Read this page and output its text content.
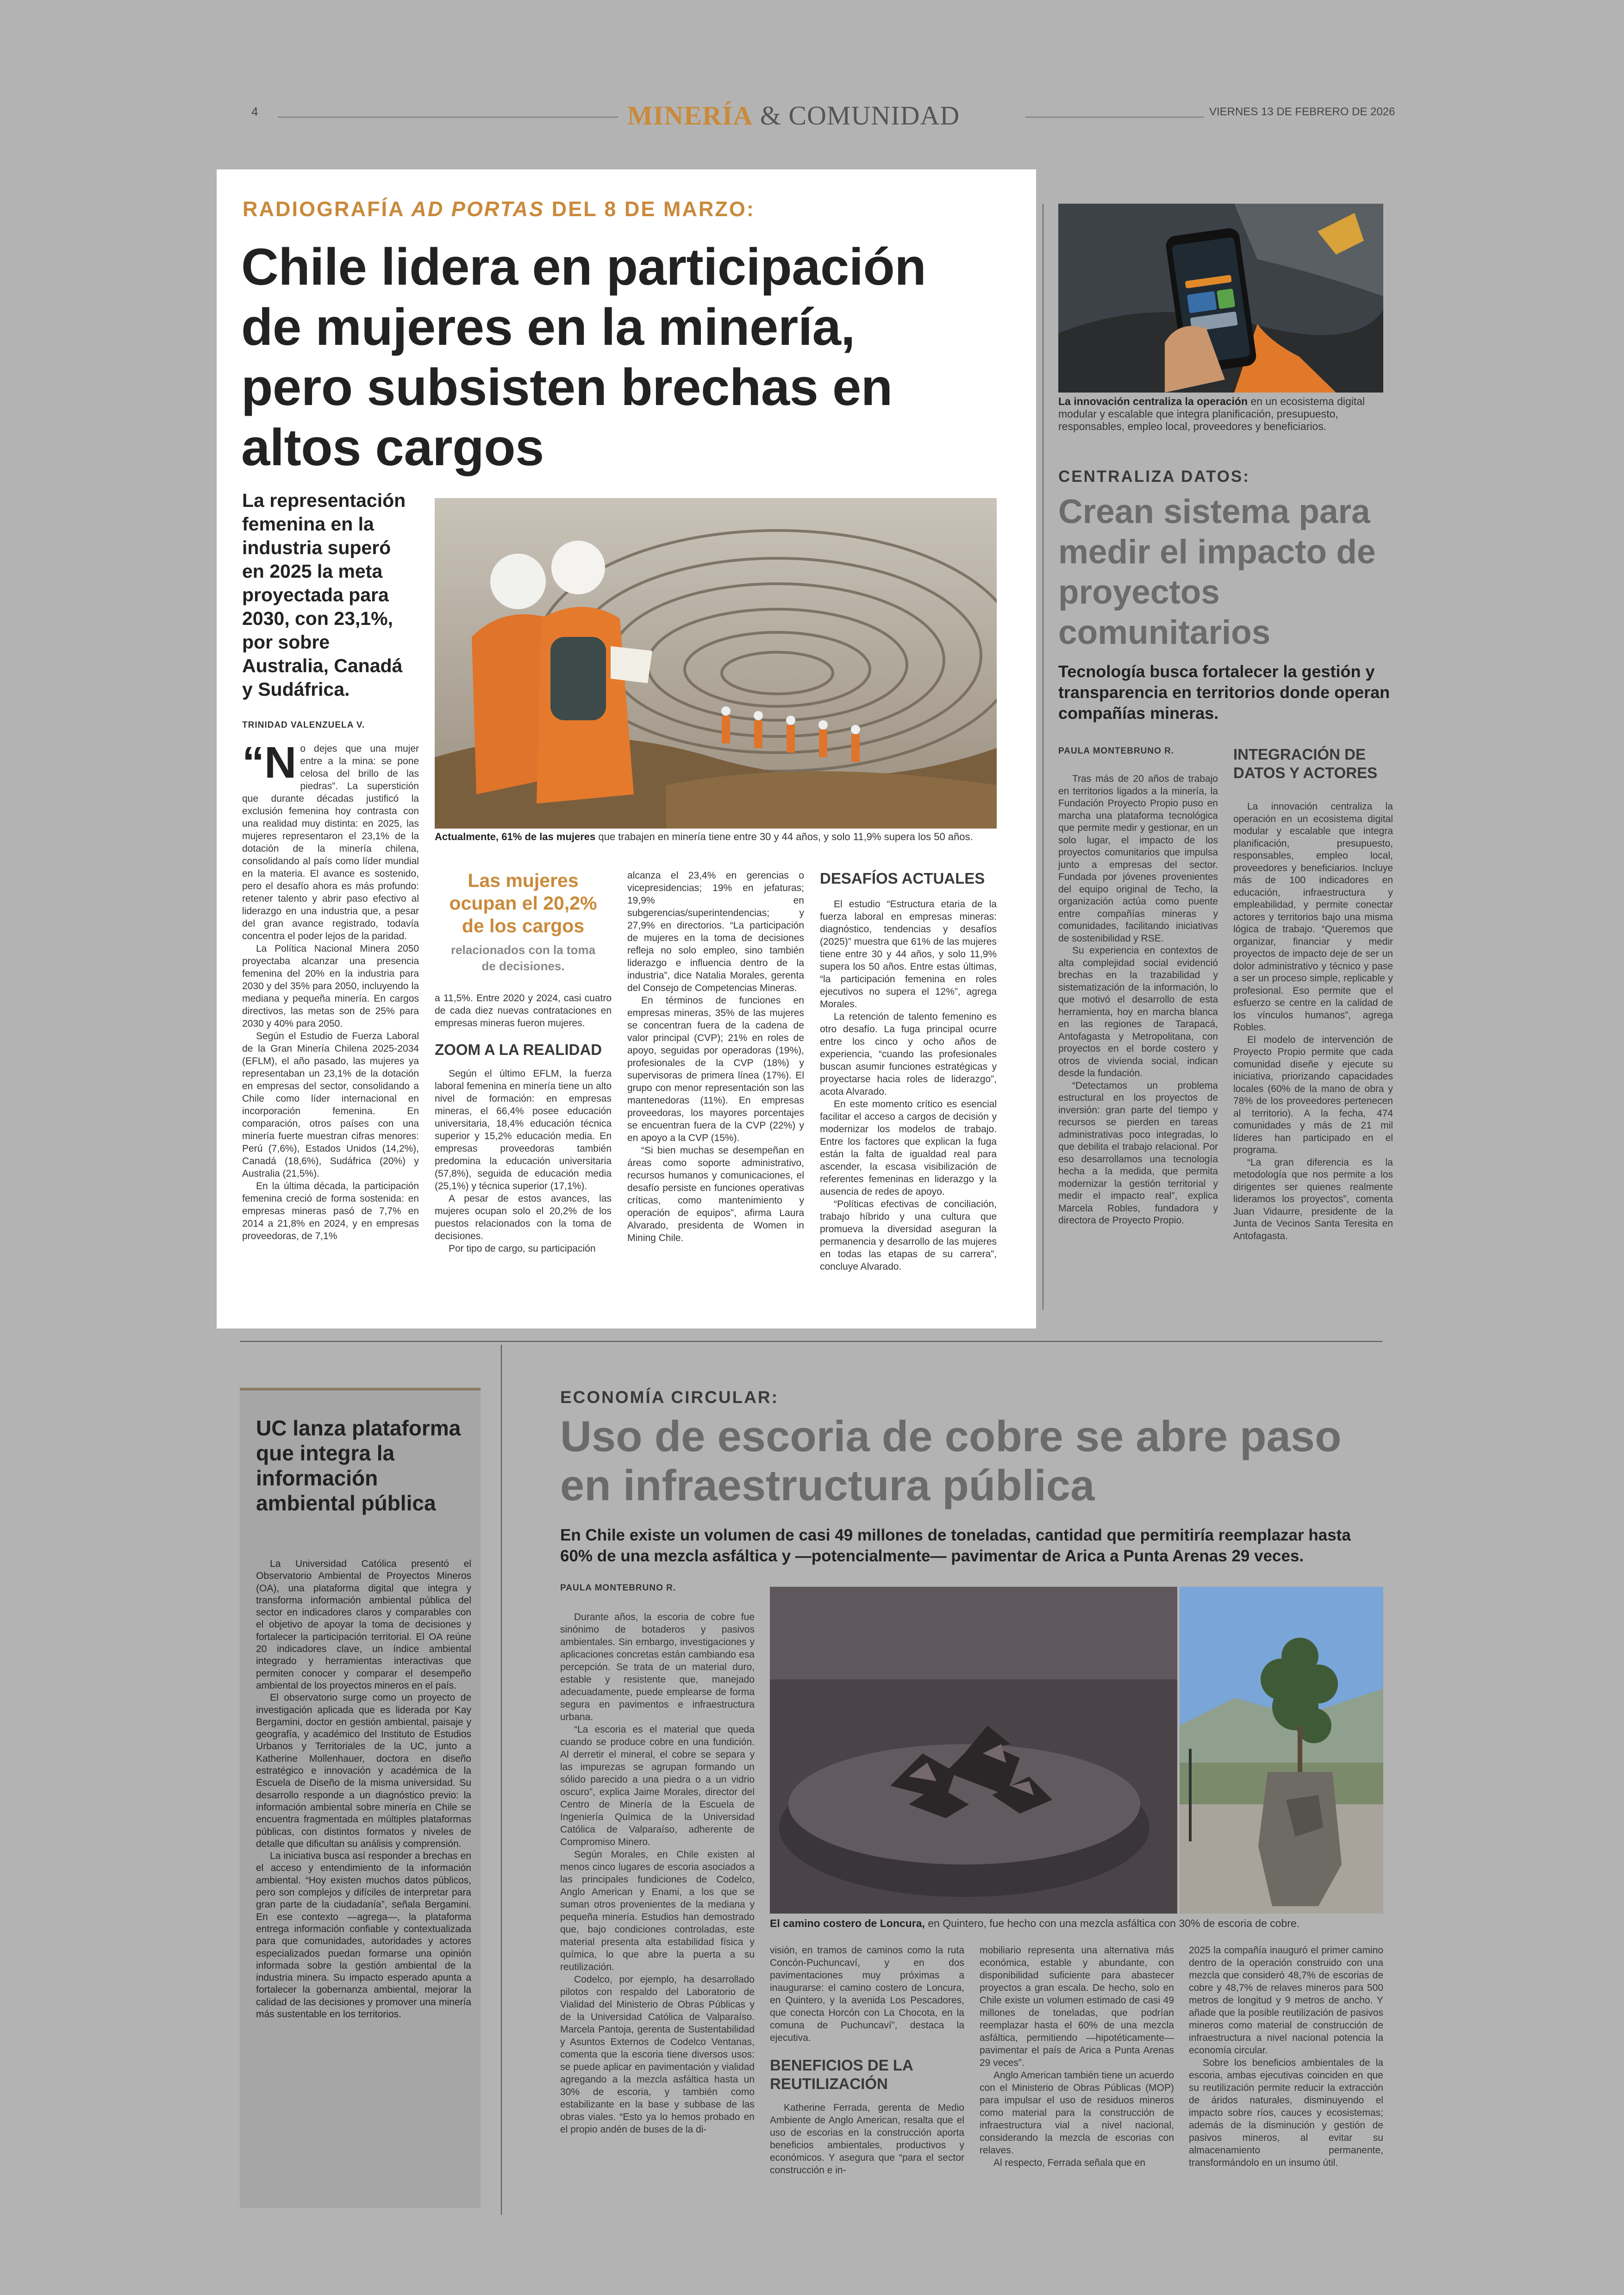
4	MINERÍA & COMUNIDAD	VIERNES 13 DE FEBRERO DE 2026
RADIOGRAFÍA AD PORTAS DEL 8 DE MARZO:
Chile lidera en participación de mujeres en la minería, pero subsisten brechas en altos cargos
La representación femenina en la industria superó en 2025 la meta proyectada para 2030, con 23,1%, por sobre Australia, Canadá y Sudáfrica.
TRINIDAD VALENZUELA V.
Actualmente, 61% de las mujeres que trabajen en minería tiene entre 30 y 44 años, y solo 11,9% supera los 50 años.

“N o dejes que una mujer entre a la mina: se pone celosa del brillo de las piedras”. La superstición que durante décadas justificó la exclusión femenina hoy contrasta con una realidad muy distinta: en 2025, las mujeres representaron el 23,1% de la dotación de la minería chilena, consolidando al país como líder mundial en la materia. El avance es sostenido, pero el desafío ahora es más profundo: retener talento y abrir paso efectivo al liderazgo en una industria que, a pesar del gran avance registrado, todavía concentra el poder lejos de la paridad.

La Política Nacional Minera 2050 proyectaba alcanzar una presencia femenina del 20% en la industria para 2030 y del 35% para 2050, incluyendo la mediana y pequeña minería. En cargos directivos, las metas son de 25% para 2030 y 40% para 2050.

Según el Estudio de Fuerza Laboral de la Gran Minería Chilena 2025-2034 (EFLM), el año pasado, las mujeres ya representaban un 23,1% de la dotación en empresas del sector, consolidando a Chile como líder internacional en incorporación femenina. En comparación, otros países con una minería fuerte muestran cifras menores: Perú (7,6%), Estados Unidos (14,2%), Canadá (18,6%), Sudáfrica (20%) y Australia (21,5%).

En la última década, la participación femenina creció de forma sostenida: en empresas mineras pasó de 7,7% en 2014 a 21,8% en 2024, y en empresas proveedoras, de 7,1%

Las mujeres ocupan el 20,2% de los cargos
relacionados con la toma de decisiones.

a 11,5%. Entre 2020 y 2024, casi cuatro de cada diez nuevas contrataciones en empresas mineras fueron mujeres.

ZOOM A LA REALIDAD

Según el último EFLM, la fuerza laboral femenina en minería tiene un alto nivel de formación: en empresas mineras, el 66,4% posee educación universitaria, 18,4% educación técnica superior y 15,2% educación media. En empresas proveedoras también predomina la educación universitaria (57,8%), seguida de educación media (25,1%) y técnica superior (17,1%).

A pesar de estos avances, las mujeres ocupan solo el 20,2% de los puestos relacionados con la toma de decisiones.

Por tipo de cargo, su participación

alcanza el 23,4% en gerencias o vicepresidencias; 19% en jefaturas; 19,9% en subgerencias/superintendencias; y 27,9% en directorios. “La participación de mujeres en la toma de decisiones refleja no solo empleo, sino también liderazgo e influencia dentro de la industria”, dice Natalia Morales, gerenta del Consejo de Competencias Mineras.

En términos de funciones en empresas mineras, 35% de las mujeres se concentran fuera de la cadena de valor principal (CVP); 21% en roles de apoyo, seguidas por operadoras (19%), profesionales de la CVP (18%) y supervisoras de primera línea (17%). El grupo con menor representación son las mantenedoras (11%). En empresas proveedoras, los mayores porcentajes se encuentran fuera de la CVP (22%) y en apoyo a la CVP (15%).

“Si bien muchas se desempeñan en áreas como soporte administrativo, recursos humanos y comunicaciones, el desafío persiste en funciones operativas críticas, como mantenimiento y operación de equipos”, afirma Laura Alvarado, presidenta de Women in Mining Chile.

DESAFÍOS ACTUALES

El estudio “Estructura etaria de la fuerza laboral en empresas mineras: diagnóstico, tendencias y desafíos (2025)” muestra que 61% de las mujeres tiene entre 30 y 44 años, y solo 11,9% supera los 50 años. Entre estas últimas, “la participación femenina en roles ejecutivos no supera el 12%”, agrega Morales.

La retención de talento femenino es otro desafío. La fuga principal ocurre entre los cinco y ocho años de experiencia, “cuando las profesionales buscan asumir funciones estratégicas y proyectarse hacia roles de liderazgo”, acota Alvarado.

En este momento crítico es esencial facilitar el acceso a cargos de decisión y modernizar los modelos de trabajo. Entre los factores que explican la fuga están la falta de igualdad real para ascender, la escasa visibilización de referentes femeninas en liderazgo y la ausencia de redes de apoyo.

“Políticas efectivas de conciliación, trabajo híbrido y una cultura que promueva la diversidad aseguran la permanencia y desarrollo de las mujeres en todas las etapas de su carrera”, concluye Alvarado.

La innovación centraliza la operación en un ecosistema digital modular y escalable que integra planificación, presupuesto, responsables, empleo local, proveedores y beneficiarios.
CENTRALIZA DATOS:
Crean sistema para medir el impacto de proyectos comunitarios
Tecnología busca fortalecer la gestión y transparencia en territorios donde operan compañías mineras.
PAULA MONTEBRUNO R.

Tras más de 20 años de trabajo en territorios ligados a la minería, la Fundación Proyecto Propio puso en marcha una plataforma tecnológica que permite medir y gestionar, en un solo lugar, el impacto de los proyectos comunitarios que impulsa junto a empresas del sector. Fundada por jóvenes provenientes del equipo original de Techo, la organización actúa como puente entre compañías mineras y comunidades, facilitando iniciativas de sostenibilidad y RSE.

Su experiencia en contextos de alta complejidad social evidenció brechas en la trazabilidad y sistematización de la información, lo que motivó el desarrollo de esta herramienta, hoy en marcha blanca en las regiones de Tarapacá, Antofagasta y Metropolitana, con proyectos en el borde costero y otros de vivienda social, indican desde la fundación.

“Detectamos un problema estructural en los proyectos de inversión: gran parte del tiempo y recursos se pierden en tareas administrativas poco integradas, lo que debilita el trabajo relacional. Por eso desarrollamos una tecnología hecha a la medida, que permita modernizar la gestión territorial y medir el impacto real”, explica Marcela Robles, fundadora y directora de Proyecto Propio.

INTEGRACIÓN DE DATOS Y ACTORES

La innovación centraliza la operación en un ecosistema digital modular y escalable que integra planificación, presupuesto, responsables, empleo local, proveedores y beneficiarios. Incluye más de 100 indicadores en educación, infraestructura y empleabilidad, y permite conectar actores y territorios bajo una misma lógica de trabajo. “Queremos que organizar, financiar y medir proyectos de impacto deje de ser un dolor administrativo y técnico y pase a ser un proceso simple, replicable y profesional. Eso permite que el esfuerzo se centre en la calidad de los vínculos humanos”, agrega Robles.

El modelo de intervención de Proyecto Propio permite que cada comunidad diseñe y ejecute su iniciativa, priorizando capacidades locales (60% de la mano de obra y 78% de los proveedores pertenecen al territorio). A la fecha, 474 comunidades y más de 21 mil líderes han participado en el programa.

“La gran diferencia es la metodología que nos permite a los dirigentes ser quienes realmente lideramos los proyectos”, comenta Juan Vidaurre, presidente de la Junta de Vecinos Santa Teresita en Antofagasta.

UC lanza plataforma que integra la información ambiental pública

La Universidad Católica presentó el Observatorio Ambiental de Proyectos Mineros (OA), una plataforma digital que integra y transforma información ambiental pública del sector en indicadores claros y comparables con el objetivo de apoyar la toma de decisiones y fortalecer la participación territorial. El OA reúne 20 indicadores clave, un índice ambiental integrado y herramientas interactivas que permiten conocer y comparar el desempeño ambiental de los proyectos mineros en el país.

El observatorio surge como un proyecto de investigación aplicada que es liderada por Kay Bergamini, doctor en gestión ambiental, paisaje y geografía, y académico del Instituto de Estudios Urbanos y Territoriales de la UC, junto a Katherine Mollenhauer, doctora en diseño estratégico e innovación y académica de la Escuela de Diseño de la misma universidad. Su desarrollo responde a un diagnóstico previo: la información ambiental sobre minería en Chile se encuentra fragmentada en múltiples plataformas públicas, con distintos formatos y niveles de detalle que dificultan su análisis y comprensión.

La iniciativa busca así responder a brechas en el acceso y entendimiento de la información ambiental. “Hoy existen muchos datos públicos, pero son complejos y difíciles de interpretar para gran parte de la ciudadanía”, señala Bergamini. En ese contexto —agrega—, la plataforma entrega información confiable y contextualizada para que comunidades, autoridades y actores especializados puedan formarse una opinión informada sobre la gestión ambiental de la industria minera. Su impacto esperado apunta a fortalecer la gobernanza ambiental, mejorar la calidad de las decisiones y promover una minería más sustentable en los territorios.

ECONOMÍA CIRCULAR:
Uso de escoria de cobre se abre paso en infraestructura pública
En Chile existe un volumen de casi 49 millones de toneladas, cantidad que permitiría reemplazar hasta 60% de una mezcla asfáltica y —potencialmente— pavimentar de Arica a Punta Arenas 29 veces.
PAULA MONTEBRUNO R.
El camino costero de Loncura, en Quintero, fue hecho con una mezcla asfáltica con 30% de escoria de cobre.

Durante años, la escoria de cobre fue sinónimo de botaderos y pasivos ambientales. Sin embargo, investigaciones y aplicaciones concretas están cambiando esa percepción. Se trata de un material duro, estable y resistente que, manejado adecuadamente, puede emplearse de forma segura en pavimentos e infraestructura urbana.

“La escoria es el material que queda cuando se produce cobre en una fundición. Al derretir el mineral, el cobre se separa y las impurezas se agrupan formando un sólido parecido a una piedra o a un vidrio oscuro”, explica Jaime Morales, director del Centro de Minería de la Escuela de Ingeniería Química de la Universidad Católica de Valparaíso, adherente de Compromiso Minero.

Según Morales, en Chile existen al menos cinco lugares de escoria asociados a las principales fundiciones de Codelco, Anglo American y Enami, a los que se suman otros provenientes de la mediana y pequeña minería. Estudios han demostrado que, bajo condiciones controladas, este material presenta alta estabilidad física y química, lo que abre la puerta a su reutilización.

Codelco, por ejemplo, ha desarrollado pilotos con respaldo del Laboratorio de Vialidad del Ministerio de Obras Públicas y de la Universidad Católica de Valparaíso. Marcela Pantoja, gerenta de Sustentabilidad y Asuntos Externos de Codelco Ventanas, comenta que la escoria tiene diversos usos: se puede aplicar en pavimentación y vialidad agregando a la mezcla asfáltica hasta un 30% de escoria, y también como estabilizante en la base y subbase de las obras viales. “Esto ya lo hemos probado en el propio andén de buses de la di-

visión, en tramos de caminos como la ruta Concón-Puchuncaví, y en dos pavimentaciones muy próximas a inaugurarse: el camino costero de Loncura, en Quintero, y la avenida Los Pescadores, que conecta Horcón con La Chocota, en la comuna de Puchuncaví”, destaca la ejecutiva.

BENEFICIOS DE LA REUTILIZACIÓN

Katherine Ferrada, gerenta de Medio Ambiente de Anglo American, resalta que el uso de escorias en la construcción aporta beneficios ambientales, productivos y económicos. Y asegura que “para el sector construcción e in-

mobiliario representa una alternativa más económica, estable y abundante, con disponibilidad suficiente para abastecer proyectos a gran escala. De hecho, solo en Chile existe un volumen estimado de casi 49 millones de toneladas, que podrían reemplazar hasta el 60% de una mezcla asfáltica, permitiendo —hipotéticamente— pavimentar el país de Arica a Punta Arenas 29 veces”.

Anglo American también tiene un acuerdo con el Ministerio de Obras Públicas (MOP) para impulsar el uso de residuos mineros como material para la construcción de infraestructura vial a nivel nacional, considerando la mezcla de escorias con relaves.

Al respecto, Ferrada señala que en

2025 la compañía inauguró el primer camino dentro de la operación construido con una mezcla que consideró 48,7% de escorias de cobre y 48,7% de relaves mineros para 500 metros de longitud y 9 metros de ancho. Y añade que la posible reutilización de pasivos mineros como material de construcción de infraestructura a nivel nacional potencia la economía circular.

Sobre los beneficios ambientales de la escoria, ambas ejecutivas coinciden en que su reutilización permite reducir la extracción de áridos naturales, disminuyendo el impacto sobre ríos, cauces y ecosistemas; además de la disminución y gestión de pasivos mineros, al evitar su almacenamiento permanente, transformándolo en un insumo útil.
